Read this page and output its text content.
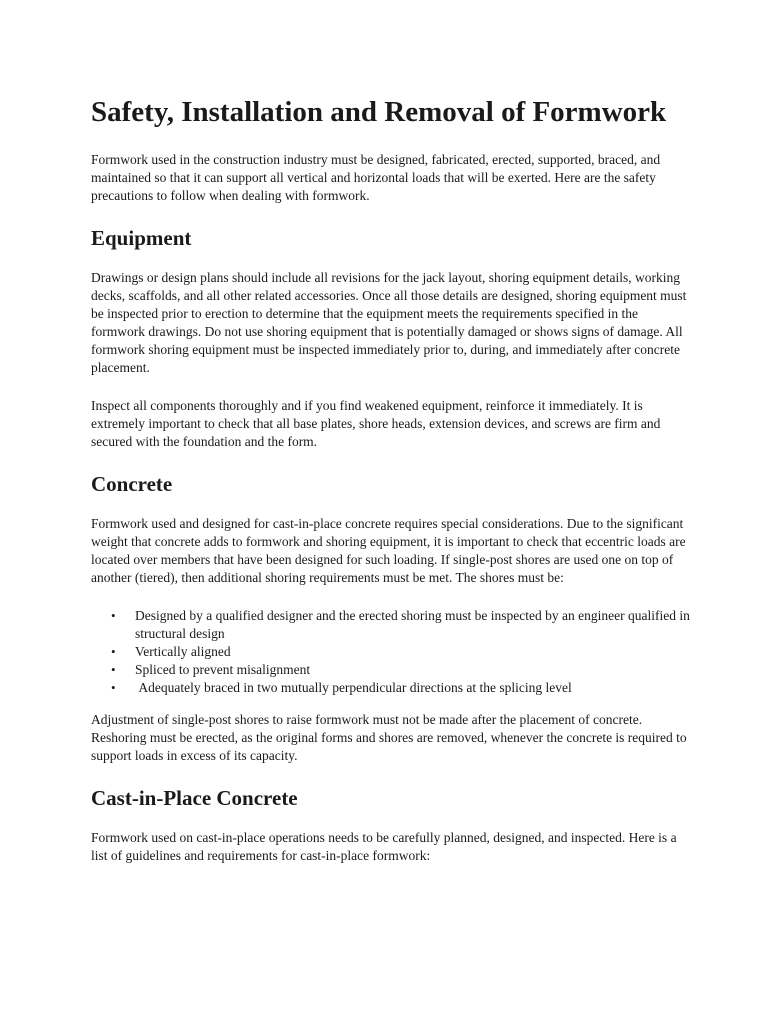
Safety, Installation and Removal of Formwork

Formwork used in the construction industry must be designed, fabricated, erected, supported, braced, and maintained so that it can support all vertical and horizontal loads that will be exerted. Here are the safety precautions to follow when dealing with formwork.

Equipment

Drawings or design plans should include all revisions for the jack layout, shoring equipment details, working decks, scaffolds, and all other related accessories. Once all those details are designed, shoring equipment must be inspected prior to erection to determine that the equipment meets the requirements specified in the formwork drawings. Do not use shoring equipment that is potentially damaged or shows signs of damage. All formwork shoring equipment must be inspected immediately prior to, during, and immediately after concrete placement.

Inspect all components thoroughly and if you find weakened equipment, reinforce it immediately. It is extremely important to check that all base plates, shore heads, extension devices, and screws are firm and secured with the foundation and the form.

Concrete

Formwork used and designed for cast-in-place concrete requires special considerations. Due to the significant weight that concrete adds to formwork and shoring equipment, it is important to check that eccentric loads are located over members that have been designed for such loading. If single-post shores are used one on top of another (tiered), then additional shoring requirements must be met. The shores must be:

• Designed by a qualified designer and the erected shoring must be inspected by an engineer qualified in structural design
• Vertically aligned
• Spliced to prevent misalignment
•  Adequately braced in two mutually perpendicular directions at the splicing level

Adjustment of single-post shores to raise formwork must not be made after the placement of concrete. Reshoring must be erected, as the original forms and shores are removed, whenever the concrete is required to support loads in excess of its capacity.

Cast-in-Place Concrete

Formwork used on cast-in-place operations needs to be carefully planned, designed, and inspected. Here is a list of guidelines and requirements for cast-in-place formwork:
